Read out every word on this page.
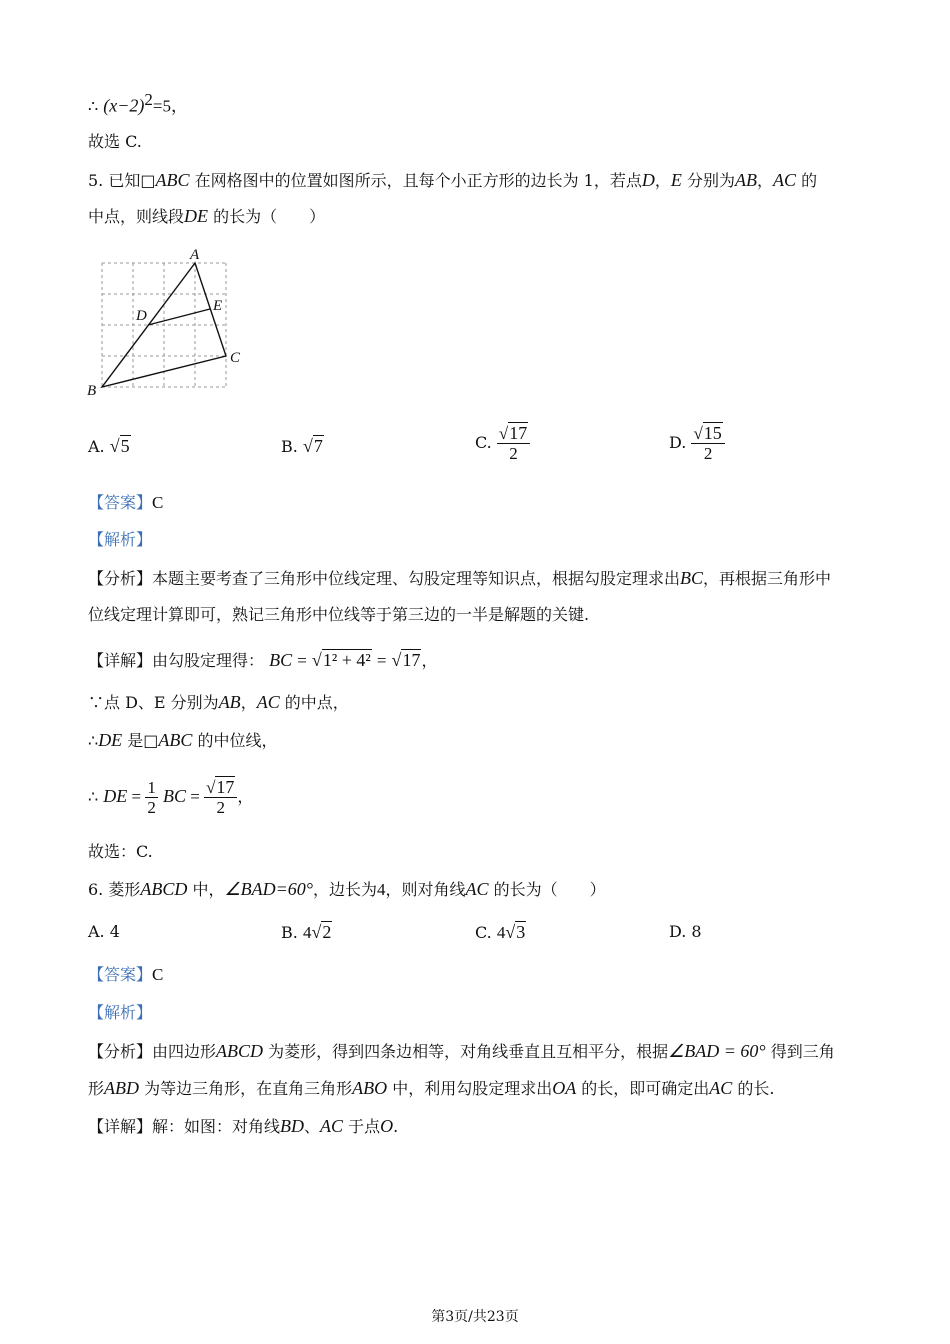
∴ $(x-2)^2=5$，
故选 C.
5. 已知□ABC 在网格图中的位置如图所示，且每个小正方形的边长为 1，若点D，E 分别为AB，AC 的
中点，则线段DE 的长为（　　）
A
B
C
D
E
A. √5	B. √7	C. $\frac{√17}{2}$	D. $\frac{√15}{2}$
【答案】C
【解析】
【分析】本题主要考查了三角形中位线定理、勾股定理等知识点，根据勾股定理求出BC，再根据三角形中
位线定理计算即可，熟记三角形中位线等于第三边的一半是解题的关键.
【详解】由勾股定理得： BC = √1² + 4² = √17，
∵点 D、E 分别为AB，AC 的中点，
∴DE 是□ABC 的中位线，
∴ DE = $\frac{1}{2}$ BC = $\frac{√17}{2}$ ，
故选：C.
6. 菱形ABCD 中，∠BAD=60°，边长为4，则对角线AC 的长为（　　）
A. 4	B. 4√2	C. 4√3	D. 8
【答案】C
【解析】
【分析】由四边形ABCD 为菱形，得到四条边相等，对角线垂直且互相平分，根据∠BAD = 60° 得到三角
形ABD 为等边三角形，在直角三角形ABO 中，利用勾股定理求出OA 的长，即可确定出AC 的长.
【详解】解：如图：对角线BD、AC 于点O.
第3页/共23页
